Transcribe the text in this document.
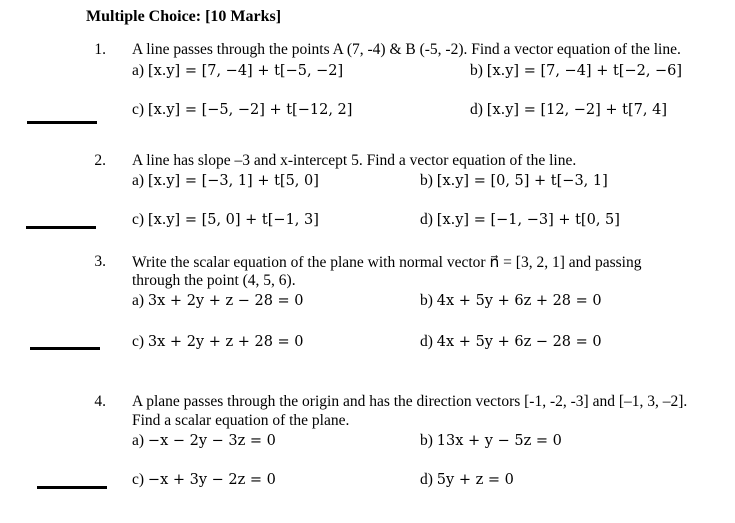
Multiple Choice: [10 Marks]
1. A line passes through the points A (7, -4) & B (-5, -2). Find a vector equation of the line.
a) [x.y] = [7, −4] + t[−5, −2]	b) [x.y] = [7, −4] + t[−2, −6]
c) [x.y] = [−5, −2] + t[−12, 2]	d) [x.y] = [12, −2] + t[7, 4]
2. A line has slope –3 and x-intercept 5. Find a vector equation of the line.
a) [x.y] = [−3, 1] + t[5, 0]	b) [x.y] = [0, 5] + t[−3, 1]
c) [x.y] = [5, 0] + t[−1, 3]	d) [x.y] = [−1, −3] + t[0, 5]
3. Write the scalar equation of the plane with normal vector n⃗ = [3, 2, 1] and passing
through the point (4, 5, 6).
a) 3x + 2y + z − 28 = 0	b) 4x + 5y + 6z + 28 = 0
c) 3x + 2y + z + 28 = 0	d) 4x + 5y + 6z − 28 = 0
4. A plane passes through the origin and has the direction vectors [-1, -2, -3] and [–1, 3, –2].
Find a scalar equation of the plane.
a) −x − 2y − 3z = 0	b) 13x + y − 5z = 0
c) −x + 3y − 2z = 0	d) 5y + z = 0
